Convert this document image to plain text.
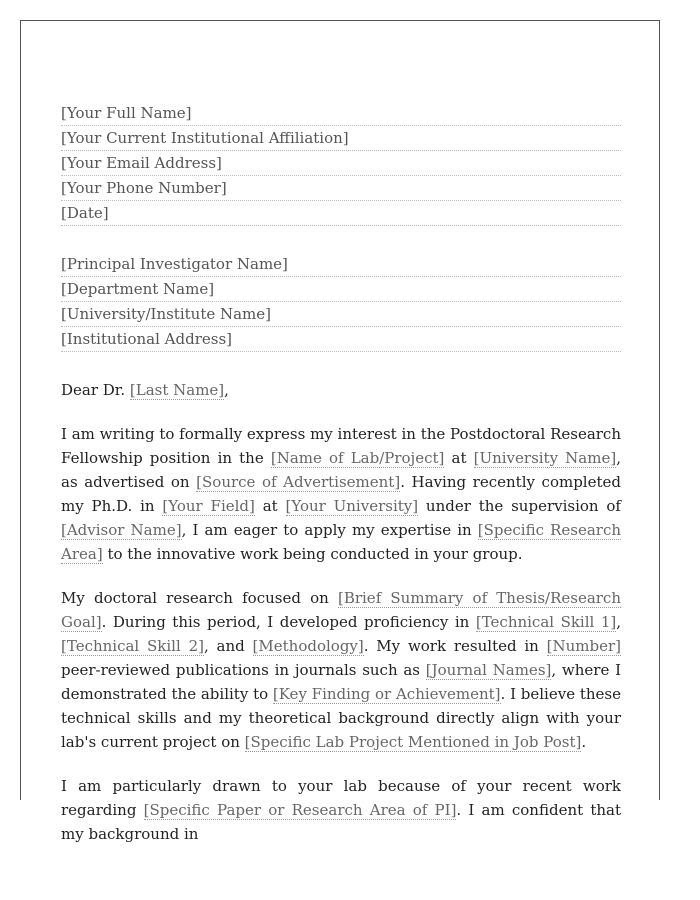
[Your Full Name]
[Your Current Institutional Affiliation]
[Your Email Address]
[Your Phone Number]
[Date]
[Principal Investigator Name]
[Department Name]
[University/Institute Name]
[Institutional Address]
Dear Dr. [Last Name],

I am writing to formally express my interest in the Postdoctoral Research Fellowship position in the [Name of Lab/Project] at [University Name], as advertised on [Source of Advertisement]. Having recently completed my Ph.D. in [Your Field] at [Your University] under the supervision of [Advisor Name], I am eager to apply my expertise in [Specific Research Area] to the innovative work being conducted in your group.

My doctoral research focused on [Brief Summary of Thesis/Research Goal]. During this period, I developed proficiency in [Technical Skill 1], [Technical Skill 2], and [Methodology]. My work resulted in [Number] peer-reviewed publications in journals such as [Journal Names], where I demonstrated the ability to [Key Finding or Achievement]. I believe these technical skills and my theoretical background directly align with your lab's current project on [Specific Lab Project Mentioned in Job Post].

I am particularly drawn to your lab because of your recent work regarding [Specific Paper or Research Area of PI]. I am confident that my background in
